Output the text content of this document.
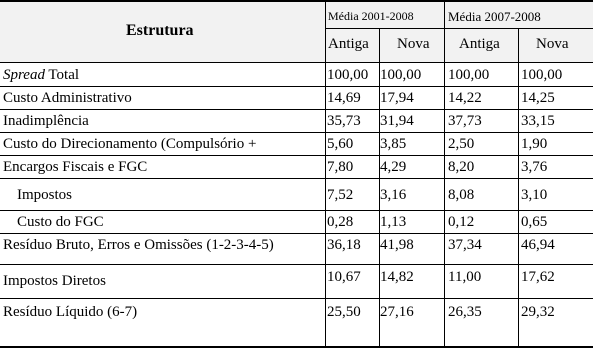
Estrutura
Média 2001-2008	Média 2007-2008
Antiga Nova Antiga Nova
Spread Total	100,00 100,00 100,00 100,00
Custo Administrativo	14,69 17,94 14,22	14,25
Inadimplência	35,73 31,94 37,73	33,15
Custo do Direcionamento (Compulsório +	5,60 3,85	2,50	1,90
Encargos Fiscais e FGC	7,80 4,29	8,20	3,76
Impostos	7,52 3,16	8,08	3,10
Custo do FGC	0,28 1,13	0,12	0,65
Resíduo Bruto, Erros e Omissões (1-2-3-4-5)	36,18 41,98 37,34	46,94
Impostos Diretos	10,67 14,82 11,00	17,62
Resíduo Líquido (6-7)	25,50 27,16 26,35	29,32
